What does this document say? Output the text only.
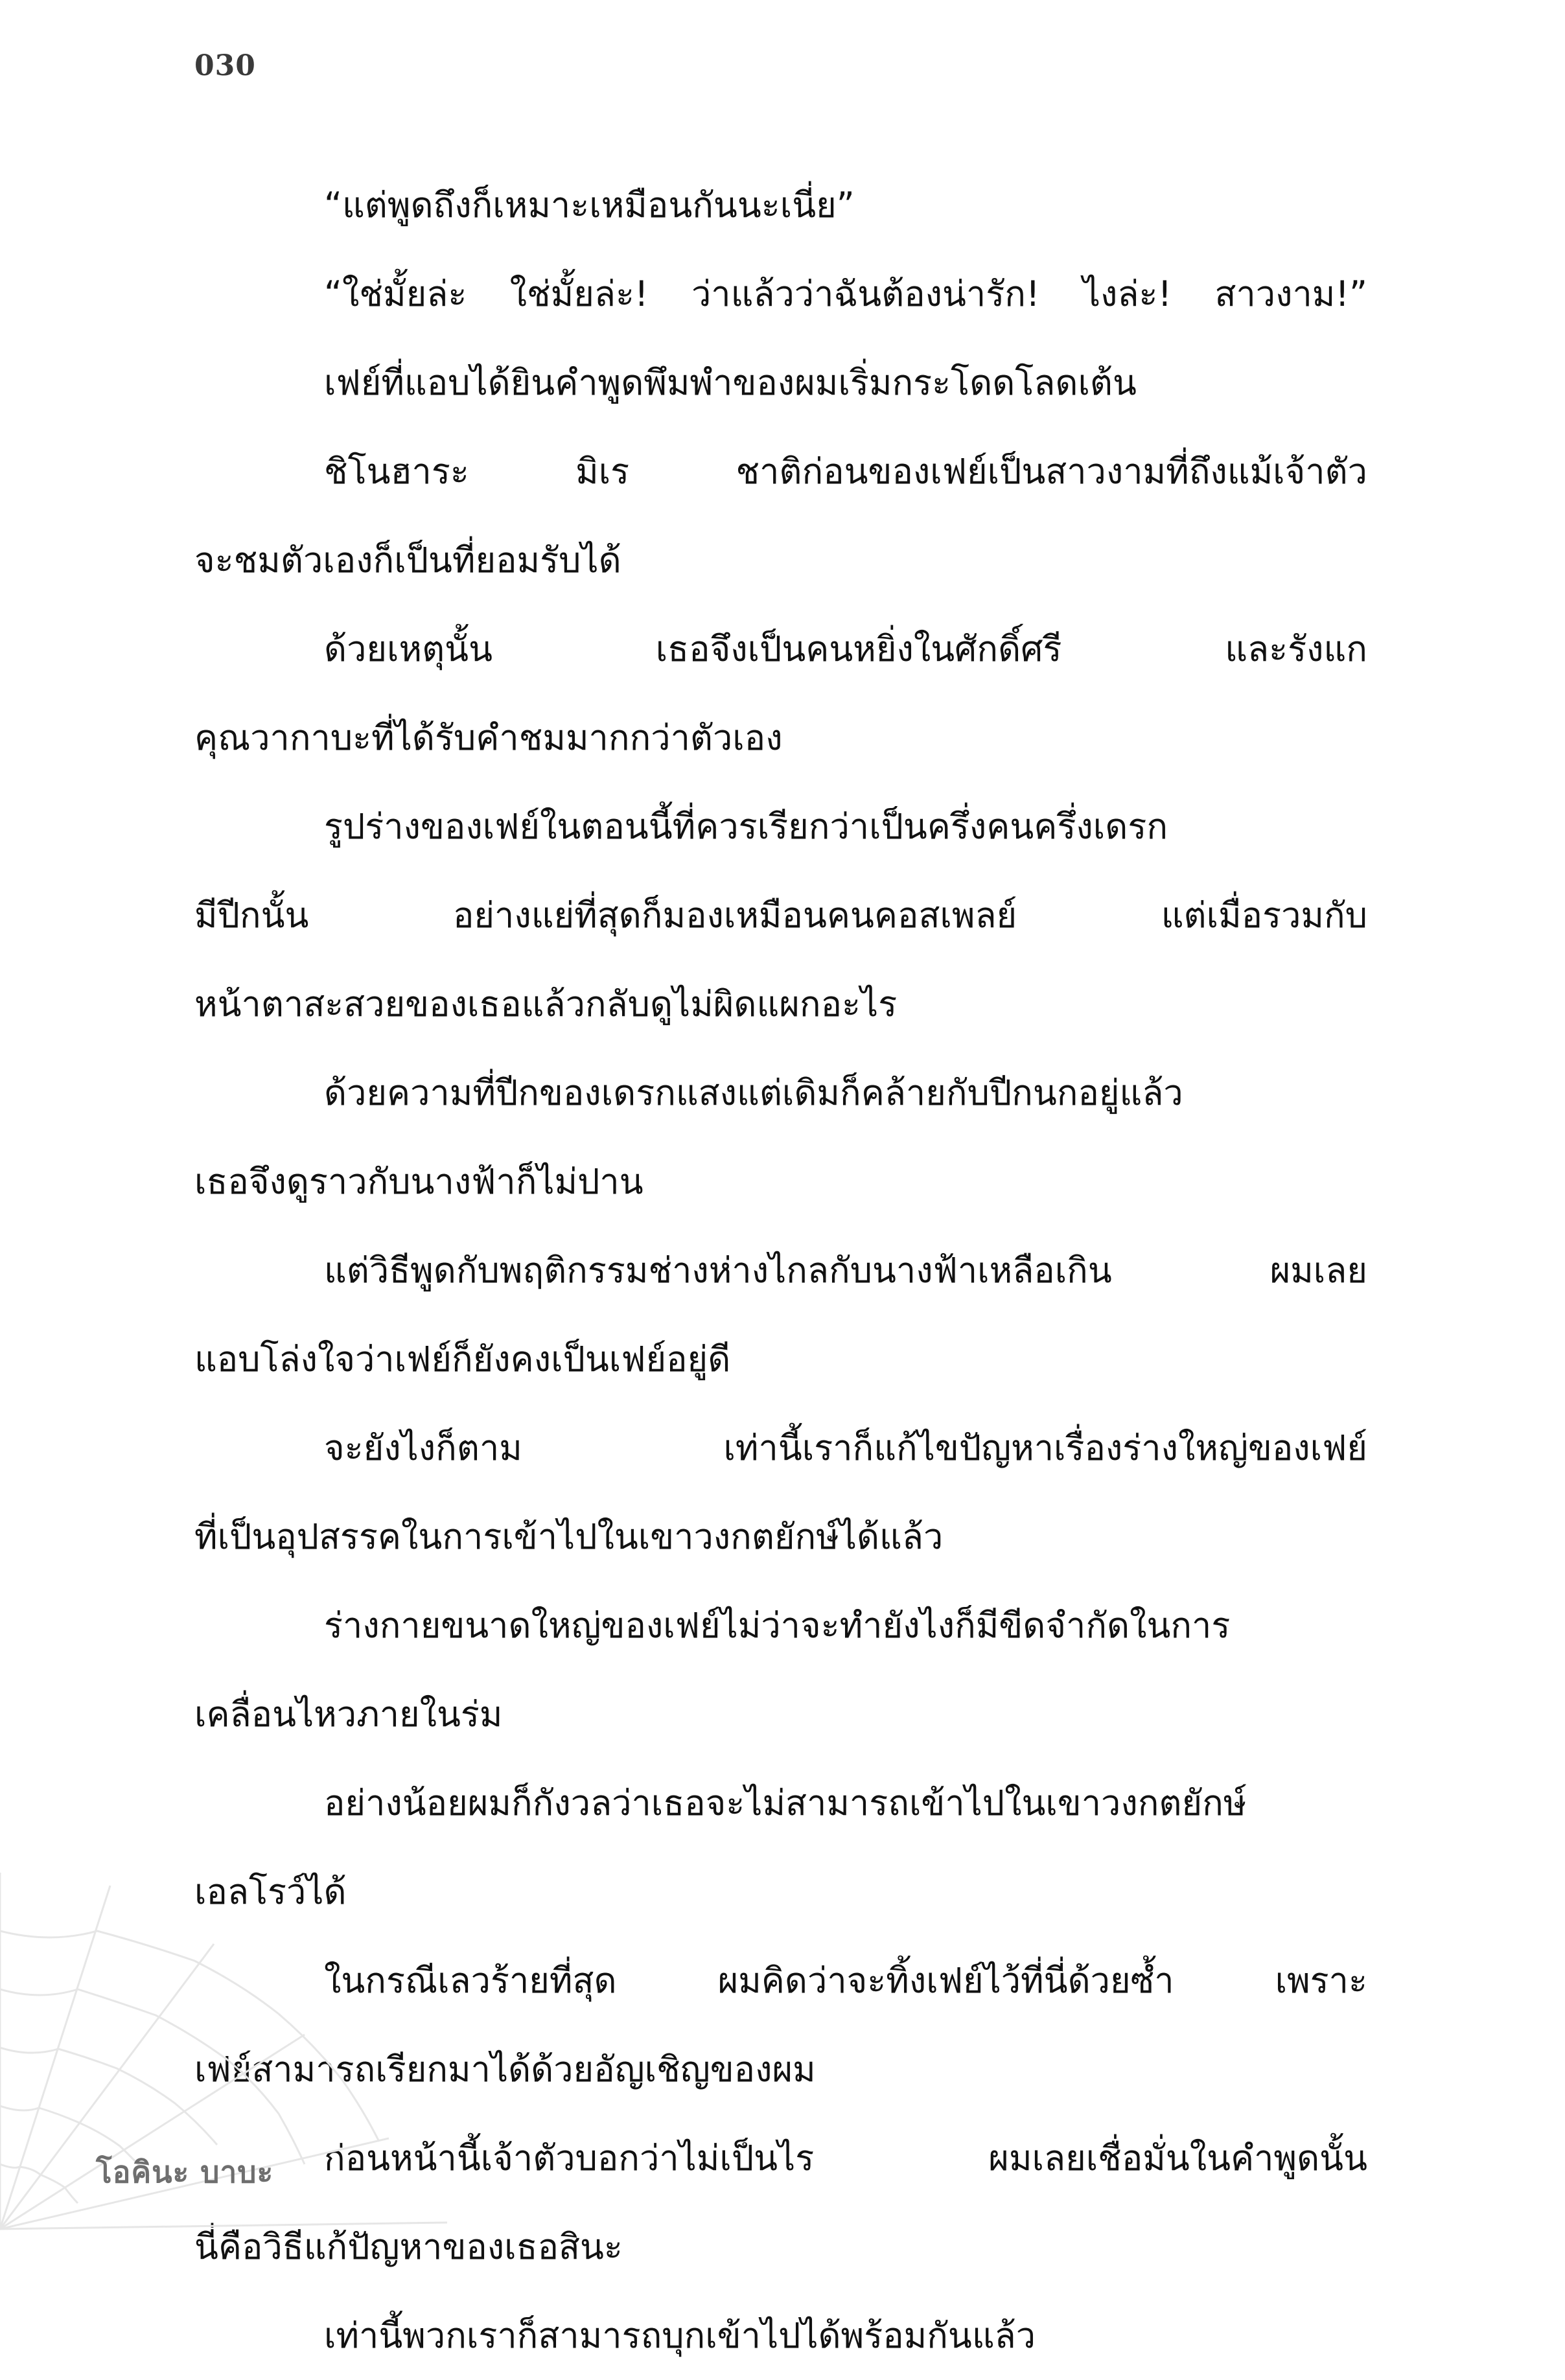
030
“แต่พูดถึงก็เหมาะเหมือนกันนะเนี่ย”
“ใช่มั้ยล่ะ ใช่มั้ยล่ะ! ว่าแล้วว่าฉันต้องน่ารัก! ไงล่ะ! สาวงาม!”
เฟย์ที่แอบได้ยินคำพูดพึมพำของผมเริ่มกระโดดโลดเต้น
ชิโนฮาระ มิเร ชาติก่อนของเฟย์เป็นสาวงามที่ถึงแม้เจ้าตัว
จะชมตัวเองก็เป็นที่ยอมรับได้
ด้วยเหตุนั้น เธอจึงเป็นคนหยิ่งในศักดิ์ศรี และรังแก
คุณวากาบะที่ได้รับคำชมมากกว่าตัวเอง
รูปร่างของเฟย์ในตอนนี้ที่ควรเรียกว่าเป็นครึ่งคนครึ่งเดรก
มีปีกนั้น อย่างแย่ที่สุดก็มองเหมือนคนคอสเพลย์ แต่เมื่อรวมกับ
หน้าตาสะสวยของเธอแล้วกลับดูไม่ผิดแผกอะไร
ด้วยความที่ปีกของเดรกแสงแต่เดิมก็คล้ายกับปีกนกอยู่แล้ว
เธอจึงดูราวกับนางฟ้าก็ไม่ปาน
แต่วิธีพูดกับพฤติกรรมช่างห่างไกลกับนางฟ้าเหลือเกิน ผมเลย
แอบโล่งใจว่าเฟย์ก็ยังคงเป็นเฟย์อยู่ดี
จะยังไงก็ตาม เท่านี้เราก็แก้ไขปัญหาเรื่องร่างใหญ่ของเฟย์
ที่เป็นอุปสรรคในการเข้าไปในเขาวงกตยักษ์ได้แล้ว
ร่างกายขนาดใหญ่ของเฟย์ไม่ว่าจะทำยังไงก็มีขีดจำกัดในการ
เคลื่อนไหวภายในร่ม
อย่างน้อยผมก็กังวลว่าเธอจะไม่สามารถเข้าไปในเขาวงกตยักษ์
เอลโรว์ได้
ในกรณีเลวร้ายที่สุด ผมคิดว่าจะทิ้งเฟย์ไว้ที่นี่ด้วยซ้ำ เพราะ
เฟย์สามารถเรียกมาได้ด้วยอัญเชิญของผม
ก่อนหน้านี้เจ้าตัวบอกว่าไม่เป็นไร ผมเลยเชื่อมั่นในคำพูดนั้น
นี่คือวิธีแก้ปัญหาของเธอสินะ
เท่านี้พวกเราก็สามารถบุกเข้าไปได้พร้อมกันแล้ว
โอคินะ บาบะ
